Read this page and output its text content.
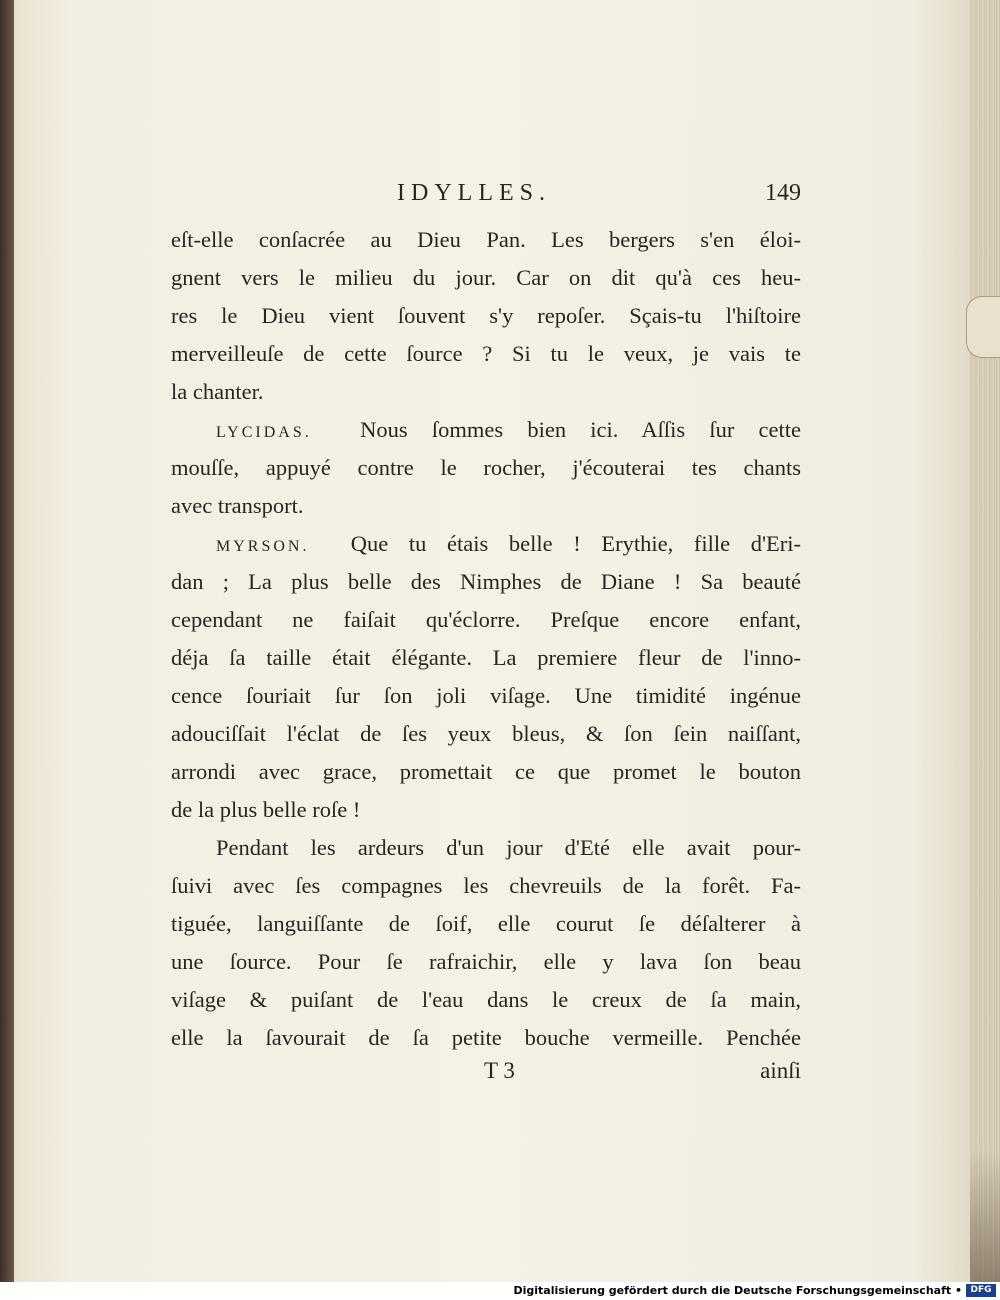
IDYLLES.	149
eſt-elle conſacrée au Dieu Pan. Les bergers s'en éloi-
gnent vers le milieu du jour. Car on dit qu'à ces heu-
res le Dieu vient ſouvent s'y repoſer. Sçais-tu l'hiſtoire
merveilleuſe de cette ſource ? Si tu le veux, je vais te
la chanter.
LYCIDAS. Nous ſommes bien ici. Aſſis ſur cette
mouſſe, appuyé contre le rocher, j'écouterai tes chants
avec transport.
MYRSON. Que tu étais belle ! Erythie, fille d'Eri-
dan ; La plus belle des Nimphes de Diane ! Sa beauté
cependant ne faiſait qu'éclorre. Preſque encore enfant,
déja ſa taille était élégante. La premiere fleur de l'inno-
cence ſouriait ſur ſon joli viſage. Une timidité ingénue
adouciſſait l'éclat de ſes yeux bleus, & ſon ſein naiſſant,
arrondi avec grace, promettait ce que promet le bouton
de la plus belle roſe !
Pendant les ardeurs d'un jour d'Eté elle avait pour-
ſuivi avec ſes compagnes les chevreuils de la forêt. Fa-
tiguée, languiſſante de ſoif, elle courut ſe déſalterer à
une ſource. Pour ſe rafraichir, elle y lava ſon beau
viſage & puiſant de l'eau dans le creux de ſa main,
elle la ſavourait de ſa petite bouche vermeille. Penchée
T 3	ainſi
Digitalisierung gefördert durch die Deutsche Forschungsgemeinschaft • DFG
